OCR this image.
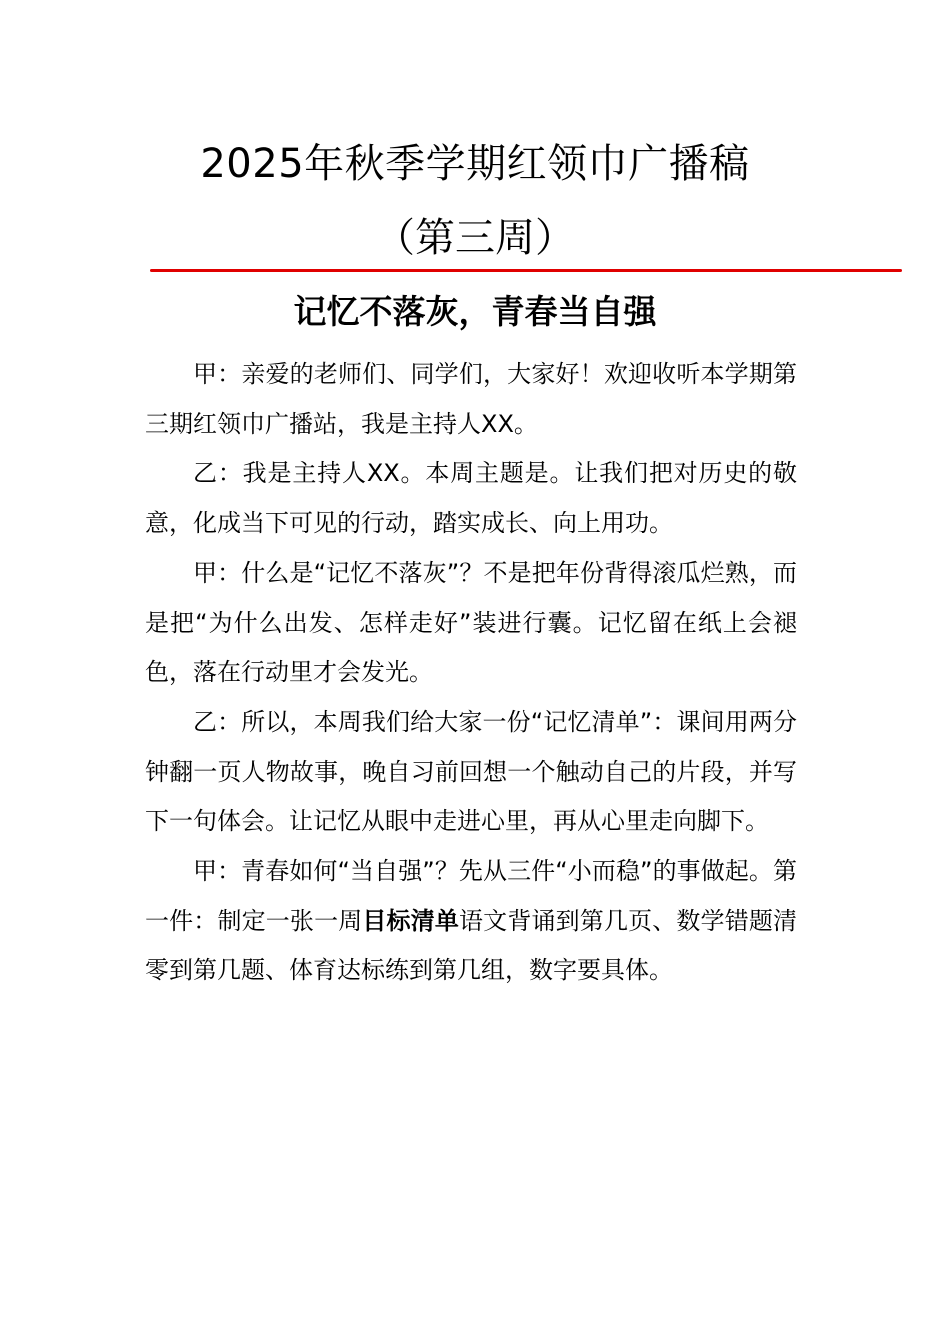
2025年秋季学期红领巾广播稿
（第三周）
记忆不落灰，青春当自强

甲：亲爱的老师们、同学们，大家好！欢迎收听本学期第三期红领巾广播站，我是主持人XX。

乙：我是主持人XX。本周主题是。让我们把对历史的敬意，化成当下可见的行动，踏实成长、向上用功。

甲：什么是“记忆不落灰”？不是把年份背得滚瓜烂熟，而是把“为什么出发、怎样走好”装进行囊。记忆留在纸上会褪色，落在行动里才会发光。

乙：所以，本周我们给大家一份“记忆清单”：课间用两分钟翻一页人物故事，晚自习前回想一个触动自己的片段，并写下一句体会。让记忆从眼中走进心里，再从心里走向脚下。

甲：青春如何“当自强”？先从三件“小而稳”的事做起。第一件：制定一张一周目标清单语文背诵到第几页、数学错题清零到第几题、体育达标练到第几组，数字要具体。
